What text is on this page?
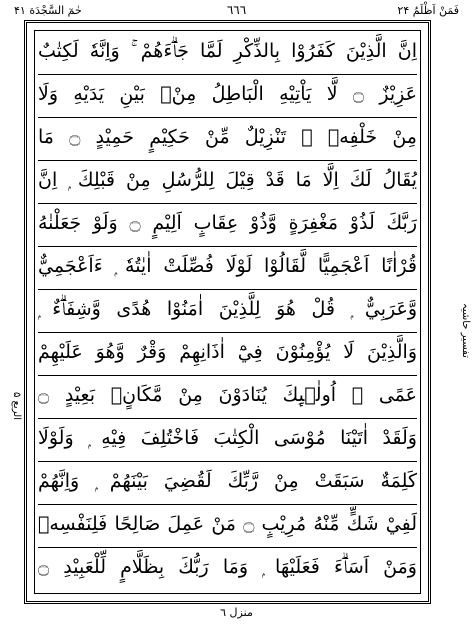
حٰمٓ السَّجْدَة ۴۱	٦٦٦	فَمَنْ اَظْلَمُ ۲۴
اِنَّ الَّذِيْنَ كَفَرُوْا بِالذِّكْرِ لَمَّا جَاۗءَهُمْ ۚ وَاِنَّهٗ لَكِتٰبٌ
عَزِيْزٌ ۝ لَّا يَاْتِيْهِ الْبَاطِلُ مِنْۢ بَيْنِ يَدَيْهِ وَلَا
مِنْ خَلْفِهٖ ۭ تَنْزِيْلٌ مِّنْ حَكِيْمٍ حَمِيْدٍ ۝ مَا
يُقَالُ لَكَ اِلَّا مَا قَدْ قِيْلَ لِلرُّسُلِ مِنْ قَبْلِكَ ۭ اِنَّ
رَبَّكَ لَذُوْ مَغْفِرَةٍ وَّذُوْ عِقَابٍ اَلِيْمٍ ۝ وَلَوْ جَعَلْنٰهُ
قُرْاٰنًا اَعْجَمِيًّا لَّقَالُوْا لَوْلَا فُصِّلَتْ اٰيٰتُهٗ ۭ ءَاَعْجَمِيٌّ
وَّعَرَبِيٌّ ۭ قُلْ هُوَ لِلَّذِيْنَ اٰمَنُوْا هُدًى وَّشِفَاۗءٌ ۭ
وَالَّذِيْنَ لَا يُؤْمِنُوْنَ فِيْٓ اٰذَانِهِمْ وَقْرٌ وَّهُوَ عَلَيْهِمْ
عَمًى ۭ اُولٰۗىِٕكَ يُنَادَوْنَ مِنْ مَّكَانٍۢ بَعِيْدٍ ۝
وَلَقَدْ اٰتَيْنَا مُوْسَى الْكِتٰبَ فَاخْتُلِفَ فِيْهِ ۭ وَلَوْلَا
كَلِمَةٌ سَبَقَتْ مِنْ رَّبِّكَ لَقُضِيَ بَيْنَهُمْ ۭ وَاِنَّهُمْ
لَفِيْ شَكٍّ مِّنْهُ مُرِيْبٍ ۝ مَنْ عَمِلَ صَالِحًا فَلِنَفْسِهٖ
وَمَنْ اَسَاۗءَ فَعَلَيْهَا ۭ وَمَا رَبُّكَ بِظَلَّامٍ لِّلْعَبِيْدِ ۝
الربع ۵
تفسیر حاشیہ
منزل ٦
